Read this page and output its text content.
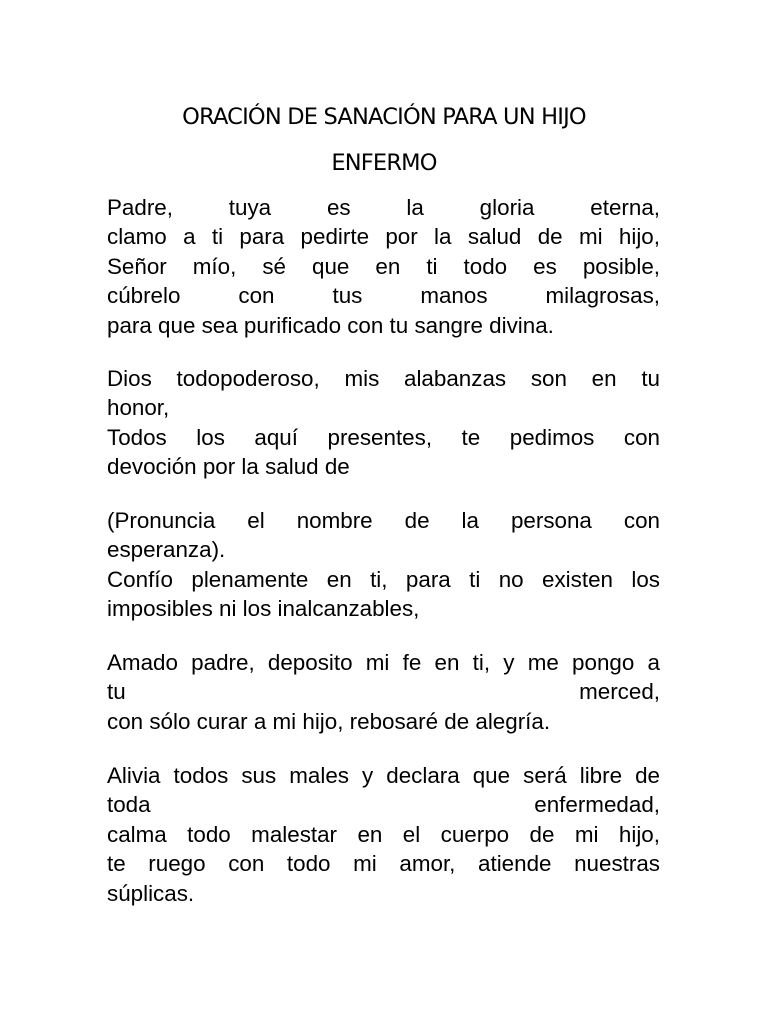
ORACIÓN DE SANACIÓN PARA UN HIJO
ENFERMO
Padre, tuya es la gloria eterna,
clamo a ti para pedirte por la salud de mi hijo,
Señor mío, sé que en ti todo es posible,
cúbrelo con tus manos milagrosas,
para que sea purificado con tu sangre divina.
Dios todopoderoso, mis alabanzas son en tu
honor,
Todos los aquí presentes, te pedimos con
devoción por la salud de
(Pronuncia el nombre de la persona con
esperanza).
Confío plenamente en ti, para ti no existen los
imposibles ni los inalcanzables,
Amado padre, deposito mi fe en ti, y me pongo a
tu merced,
con sólo curar a mi hijo, rebosaré de alegría.
Alivia todos sus males y declara que será libre de
toda enfermedad,
calma todo malestar en el cuerpo de mi hijo,
te ruego con todo mi amor, atiende nuestras
súplicas.
